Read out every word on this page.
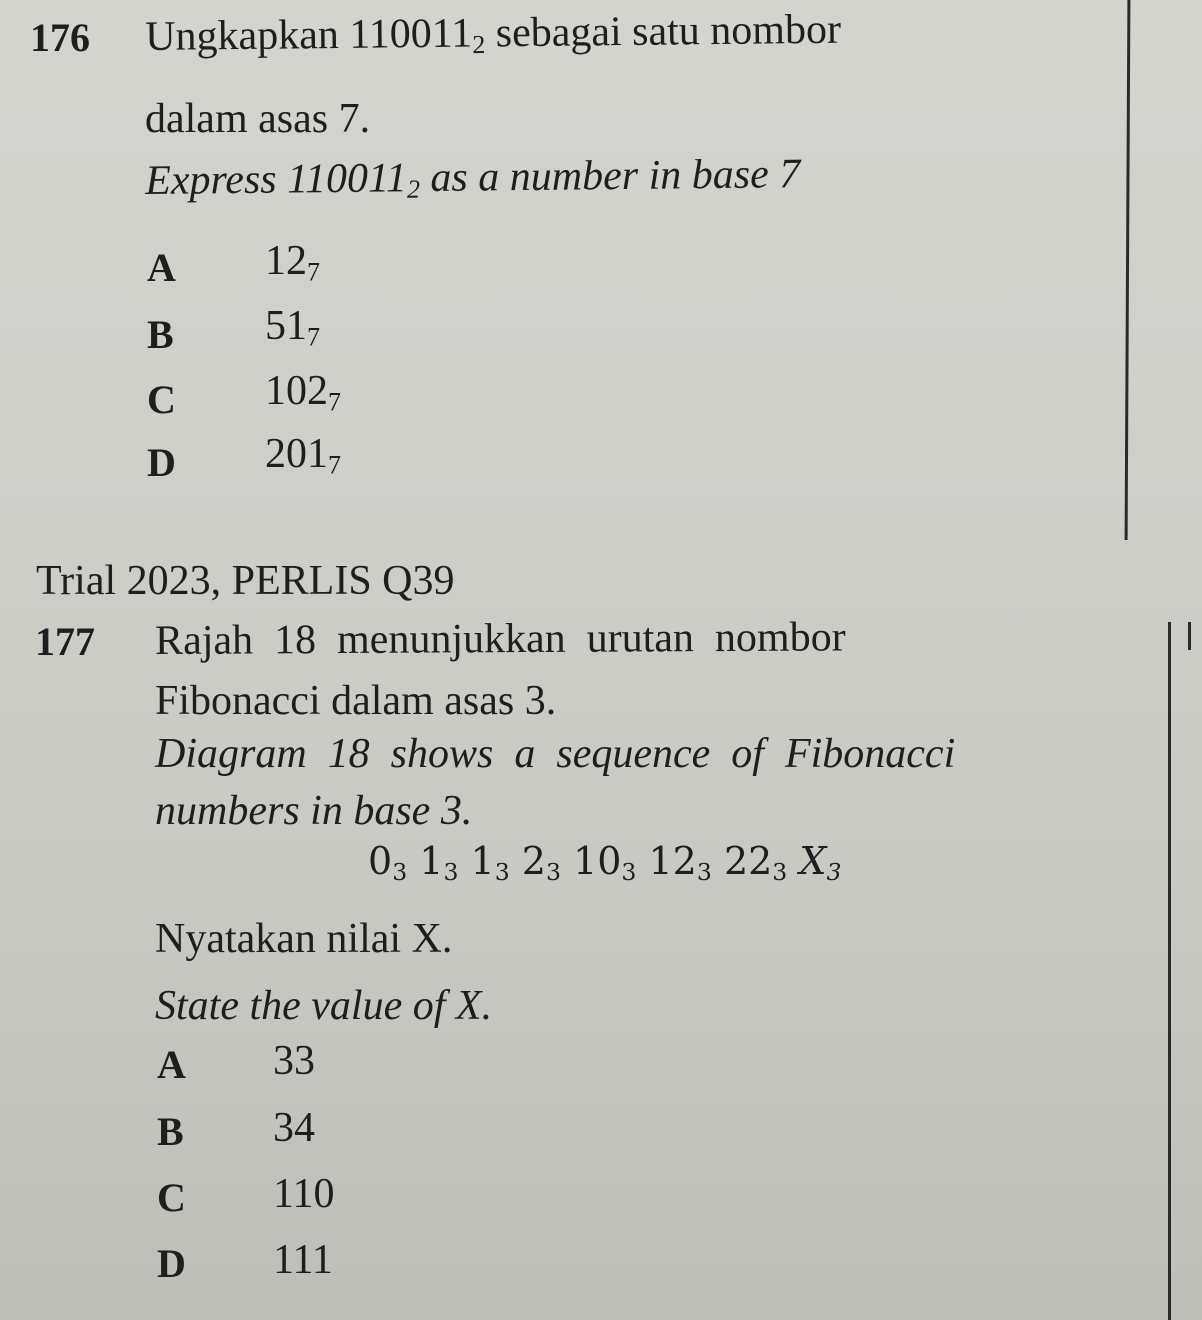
176 Ungkapkan $110011_2$ sebagai satu nombor
dalam asas 7.
Express $110011_2$ as a number in base 7
A $12_7$
B $51_7$
C $102_7$
D $201_7$
Trial 2023, PERLIS Q39
177 Rajah  18  menunjukkan  urutan  nombor
Fibonacci dalam asas 3.
Diagram  18  shows  a  sequence  of  Fibonacci
numbers in base 3.
$0_3$ $1_3$ $1_3$ $2_3$ $10_3$ $12_3$ $22_3$ $X_3$
Nyatakan nilai X.
State the value of X.
A 33
B 34
C 110
D 111
